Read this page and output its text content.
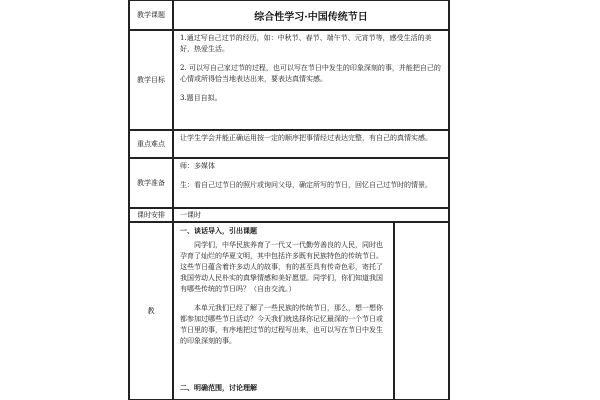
教学课题	综合性学习·中国传统节日
教学目标

1.通过写自己过节的经历，如：中秋节、春节、端午节、元宵节等，感受生活的美好，热爱生活。

2. 可以写自己家过节的过程，也可以写在节日中发生的印象深刻的事，并能把自己的心情或所得恰当地表达出来，要表达真情实感。

3.题目自拟。

重点难点

让学生学会并能正确运用按一定的顺序把事情经过表达完整，有自己的真情实感。

教学准备

师：多媒体

生：看自己过节日的照片或询问父母，确定所写的节日，回忆自己过节时的情景。

课时安排	一课时
教

一、谈话导入，引出课题

同学们，中华民族养育了一代又一代勤劳善良的人民，同时也孕育了灿烂的华夏文明，其中包括许多既有民族特色的传统节日。这些节日蕴含着许多动人的故事，有的甚至具有传奇色彩，寄托了我国劳动人民朴实的真挚情感和美好愿望。同学们，你们知道我国有哪些传统的节日吗？（自由交流。）

本单元我们已经了解了一些民族的传统节日，那么，想一想你都参加过哪些节日活动？今天我们就选择你记忆最深的一个节日或节日里的事，有序地把过节的过程写出来，也可以写在节日中发生的印象深刻的事。

二、明确范围，讨论理解
